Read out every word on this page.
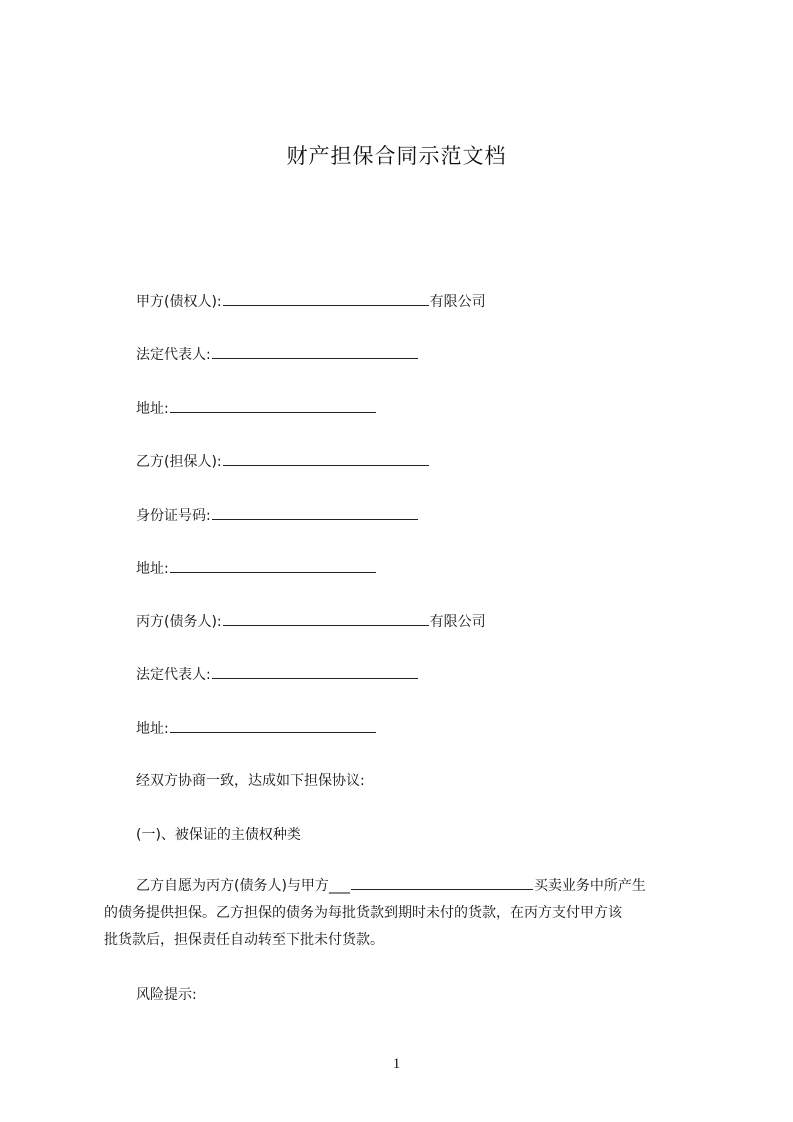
财产担保合同示范文档
甲方(债权人):	有限公司
法定代表人:
地址:
乙方(担保人):
身份证号码:
地址:
丙方(债务人):	有限公司
法定代表人:
地址:
经双方协商一致，达成如下担保协议:
(一)、被保证的主债权种类
乙方自愿为丙方(债务人)与甲方___	买卖业务中所产生
的债务提供担保。乙方担保的债务为每批货款到期时未付的货款，在丙方支付甲方该
批货款后，担保责任自动转至下批未付货款。
风险提示:
1
